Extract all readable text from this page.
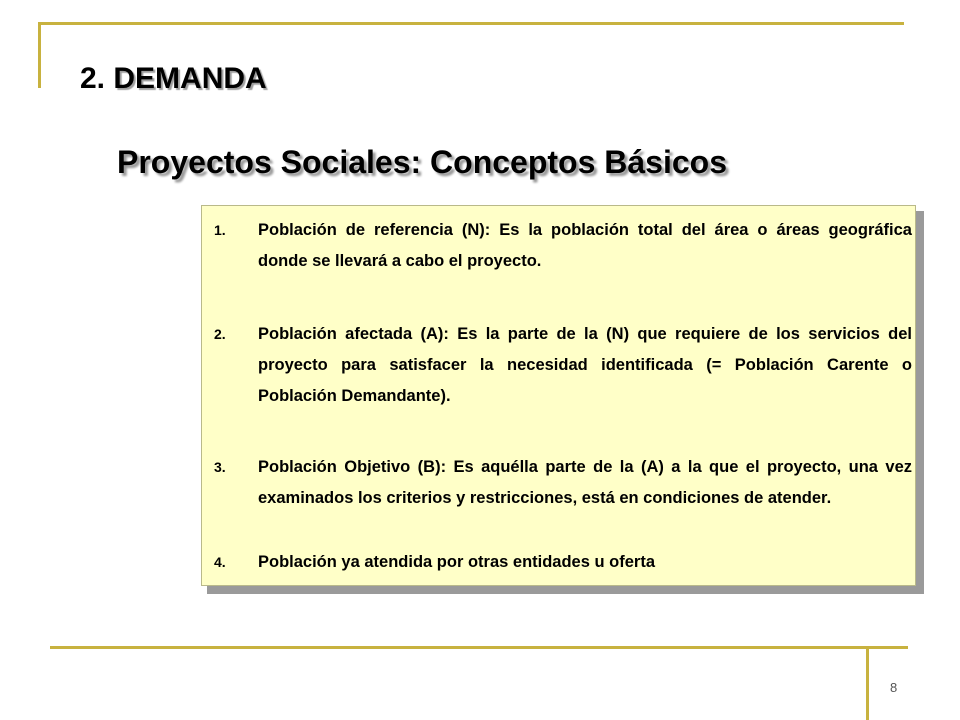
2. DEMANDA
Proyectos Sociales: Conceptos Básicos
1.	Población de referencia (N): Es la población total del área o áreas geográfica donde se llevará a cabo el proyecto.
2.	Población afectada (A): Es la parte de la (N) que requiere de los servicios del proyecto para satisfacer la necesidad identificada (= Población Carente o Población Demandante).
3.	Población Objetivo (B): Es aquélla parte de la (A) a la que el proyecto, una vez examinados los criterios y restricciones, está en condiciones de atender.
4.	Población ya atendida por otras entidades u oferta
8
